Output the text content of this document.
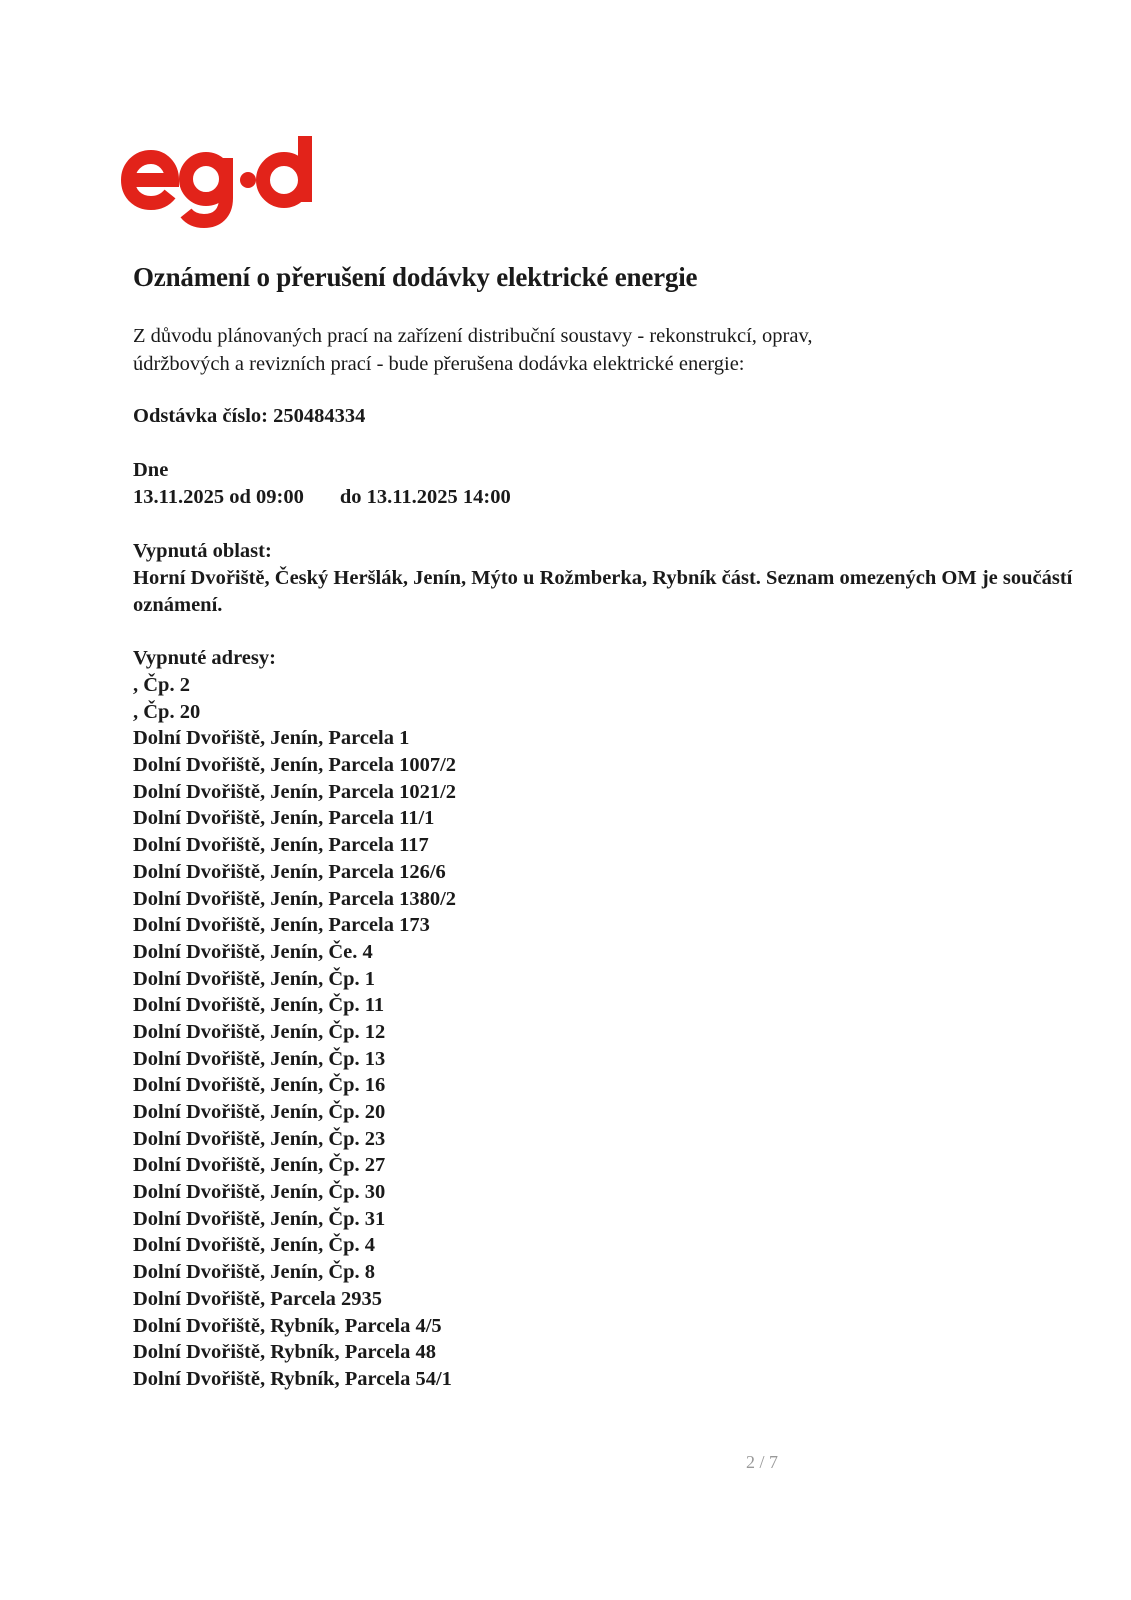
Oznámení o přerušení dodávky elektrické energie
Z důvodu plánovaných prací na zařízení distribuční soustavy - rekonstrukcí, oprav,
údržbových a revizních prací - bude přerušena dodávka elektrické energie:
Odstávka číslo: 250484334
Dne
13.11.2025 od 09:00 do 13.11.2025 14:00
Vypnutá oblast:
Horní Dvořiště, Český Heršlák, Jenín, Mýto u Rožmberka, Rybník část. Seznam omezených OM je součástí oznámení.
Vypnuté adresy:
, Čp. 2
, Čp. 20
Dolní Dvořiště, Jenín, Parcela 1
Dolní Dvořiště, Jenín, Parcela 1007/2
Dolní Dvořiště, Jenín, Parcela 1021/2
Dolní Dvořiště, Jenín, Parcela 11/1
Dolní Dvořiště, Jenín, Parcela 117
Dolní Dvořiště, Jenín, Parcela 126/6
Dolní Dvořiště, Jenín, Parcela 1380/2
Dolní Dvořiště, Jenín, Parcela 173
Dolní Dvořiště, Jenín, Če. 4
Dolní Dvořiště, Jenín, Čp. 1
Dolní Dvořiště, Jenín, Čp. 11
Dolní Dvořiště, Jenín, Čp. 12
Dolní Dvořiště, Jenín, Čp. 13
Dolní Dvořiště, Jenín, Čp. 16
Dolní Dvořiště, Jenín, Čp. 20
Dolní Dvořiště, Jenín, Čp. 23
Dolní Dvořiště, Jenín, Čp. 27
Dolní Dvořiště, Jenín, Čp. 30
Dolní Dvořiště, Jenín, Čp. 31
Dolní Dvořiště, Jenín, Čp. 4
Dolní Dvořiště, Jenín, Čp. 8
Dolní Dvořiště, Parcela 2935
Dolní Dvořiště, Rybník, Parcela 4/5
Dolní Dvořiště, Rybník, Parcela 48
Dolní Dvořiště, Rybník, Parcela 54/1
2 / 7
